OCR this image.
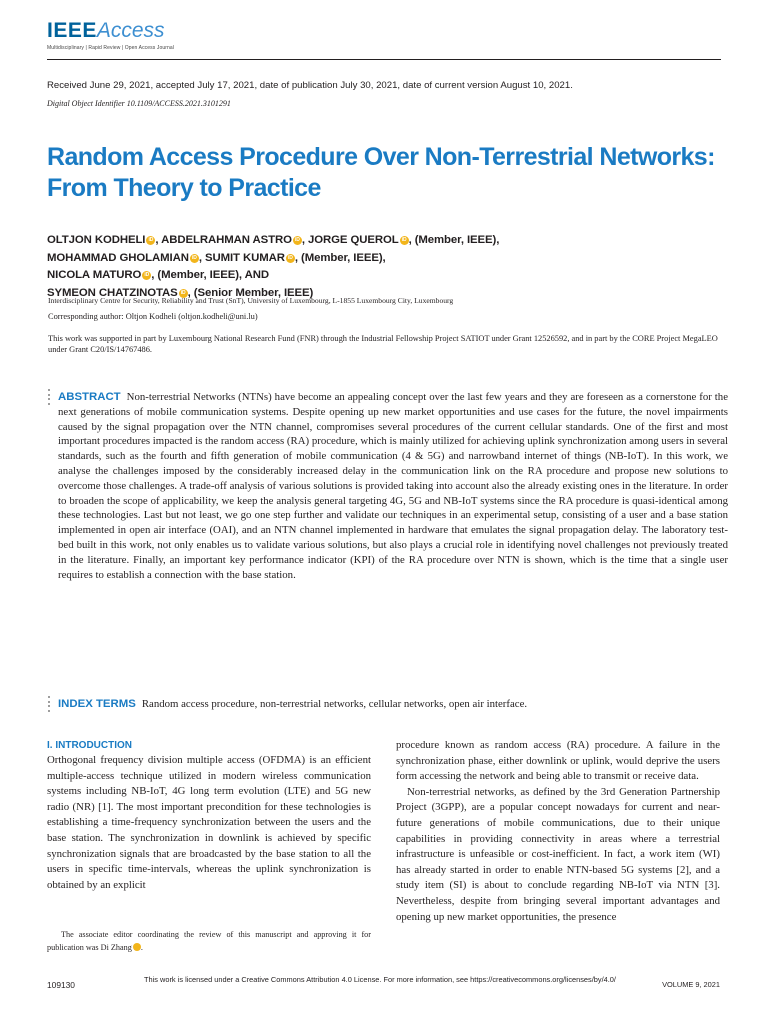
IEEEAccess
Multidisciplinary | Rapid Review | Open Access Journal
Received June 29, 2021, accepted July 17, 2021, date of publication July 30, 2021, date of current version August 10, 2021.
Digital Object Identifier 10.1109/ACCESS.2021.3101291
Random Access Procedure Over Non-Terrestrial Networks: From Theory to Practice
OLTJON KODHELI iD , ABDELRAHMAN ASTRO iD , JORGE QUEROL iD , (Member, IEEE),
MOHAMMAD GHOLAMIAN iD , SUMIT KUMAR iD , (Member, IEEE),
NICOLA MATURO iD , (Member, IEEE), AND
SYMEON CHATZINOTAS iD , (Senior Member, IEEE)
Interdisciplinary Centre for Security, Reliability and Trust (SnT), University of Luxembourg, L-1855 Luxembourg City, Luxembourg
Corresponding author: Oltjon Kodheli (oltjon.kodheli@uni.lu)
This work was supported in part by Luxembourg National Research Fund (FNR) through the Industrial Fellowship Project SATIOT under Grant 12526592, and in part by the CORE Project MegaLEO under Grant C20/IS/14767486.
ABSTRACT Non-terrestrial Networks (NTNs) have become an appealing concept over the last few years and they are foreseen as a cornerstone for the next generations of mobile communication systems. Despite opening up new market opportunities and use cases for the future, the novel impairments caused by the signal propagation over the NTN channel, compromises several procedures of the current cellular standards. One of the first and most important procedures impacted is the random access (RA) procedure, which is mainly utilized for achieving uplink synchronization among users in several standards, such as the fourth and fifth generation of mobile communication (4 & 5G) and narrowband internet of things (NB-IoT). In this work, we analyse the challenges imposed by the considerably increased delay in the communication link on the RA procedure and propose new solutions to overcome those challenges. A trade-off analysis of various solutions is provided taking into account also the already existing ones in the literature. In order to broaden the scope of applicability, we keep the analysis general targeting 4G, 5G and NB-IoT systems since the RA procedure is quasi-identical among these technologies. Last but not least, we go one step further and validate our techniques in an experimental setup, consisting of a user and a base station implemented in open air interface (OAI), and an NTN channel implemented in hardware that emulates the signal propagation delay. The laboratory test-bed built in this work, not only enables us to validate various solutions, but also plays a crucial role in identifying novel challenges not previously treated in the literature. Finally, an important key performance indicator (KPI) of the RA procedure over NTN is shown, which is the time that a single user requires to establish a connection with the base station.
INDEX TERMS Random access procedure, non-terrestrial networks, cellular networks, open air interface.
I. INTRODUCTION

Orthogonal frequency division multiple access (OFDMA) is an efficient multiple-access technique utilized in modern wireless communication systems including NB-IoT, 4G long term evolution (LTE) and 5G new radio (NR) [1]. The most important precondition for these technologies is establishing a time-frequency synchronization between the users and the base station. The synchronization in downlink is achieved by specific synchronization signals that are broadcasted by the base station to all the users in specific time-intervals, whereas the uplink synchronization is obtained by an explicit

The associate editor coordinating the review of this manuscript and approving it for publication was Di Zhang	iD.

procedure known as random access (RA) procedure. A failure in the synchronization phase, either downlink or uplink, would deprive the users form accessing the network and being able to transmit or receive data.

Non-terrestrial networks, as defined by the 3rd Generation Partnership Project (3GPP), are a popular concept nowadays for current and near-future generations of mobile communications, due to their unique capabilities in providing connectivity in areas where a terrestrial infrastructure is unfeasible or cost-inefficient. In fact, a work item (WI) has already started in order to enable NTN-based 5G systems [2], and a study item (SI) is about to conclude regarding NB-IoT via NTN [3]. Nevertheless, despite from bringing several important advantages and opening up new market opportunities, the presence

109130
This work is licensed under a Creative Commons Attribution 4.0 License. For more information, see https://creativecommons.org/licenses/by/4.0/
VOLUME 9, 2021
